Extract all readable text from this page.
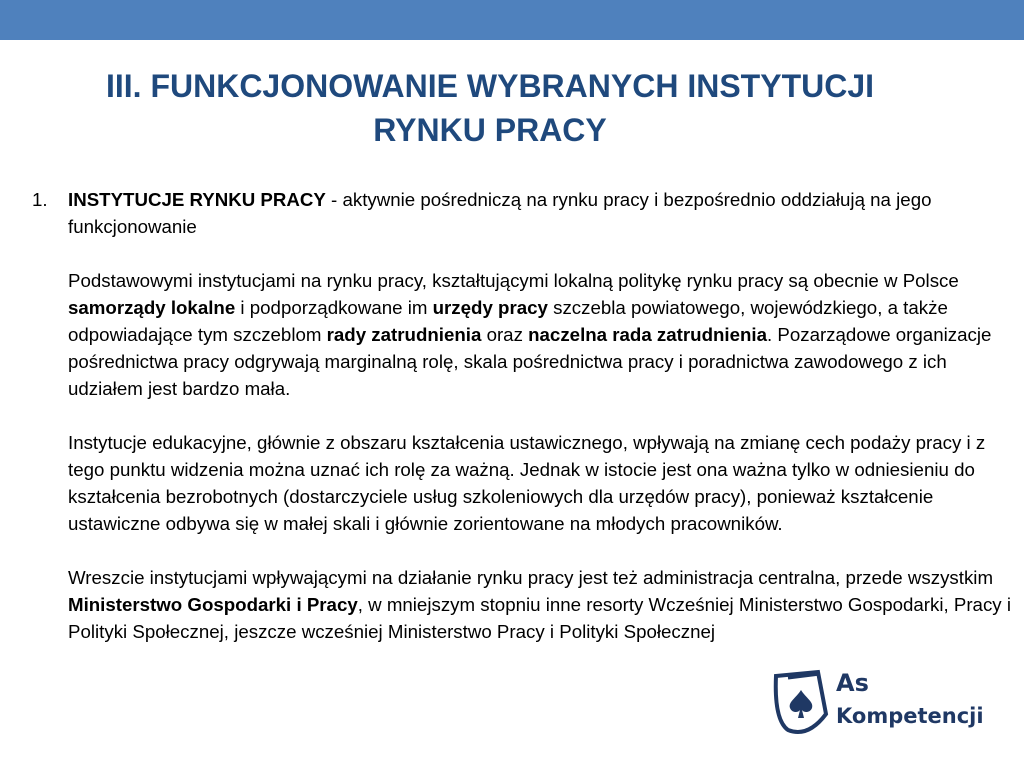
III. FUNKCJONOWANIE WYBRANYCH INSTYTUCJI
RYNKU PRACY
1.	INSTYTUCJE RYNKU PRACY - aktywnie pośredniczą na rynku pracy i bezpośrednio oddziałują na jego funkcjonowanie

Podstawowymi instytucjami na rynku pracy, kształtującymi lokalną politykę rynku pracy są obecnie w Polsce samorządy lokalne i podporządkowane im urzędy pracy szczebla powiatowego, wojewódzkiego, a także odpowiadające tym szczeblom rady zatrudnienia oraz naczelna rada zatrudnienia. Pozarządowe organizacje pośrednictwa pracy odgrywają marginalną rolę, skala pośrednictwa pracy i poradnictwa zawodowego z ich udziałem jest bardzo mała.

Instytucje edukacyjne, głównie z obszaru kształcenia ustawicznego, wpływają na zmianę cech podaży pracy i z tego punktu widzenia można uznać ich rolę za ważną. Jednak w istocie jest ona ważna tylko w odniesieniu do kształcenia bezrobotnych (dostarczyciele usług szkoleniowych dla urzędów pracy), ponieważ kształcenie ustawiczne odbywa się w małej skali i głównie zorientowane na młodych pracowników.

Wreszcie instytucjami wpływającymi na działanie rynku pracy jest też administracja centralna, przede wszystkim Ministerstwo Gospodarki i Pracy, w mniejszym stopniu inne resorty Wcześniej Ministerstwo Gospodarki, Pracy i Polityki Społecznej, jeszcze wcześniej Ministerstwo Pracy i Polityki Społecznej

As
Kompetencji
